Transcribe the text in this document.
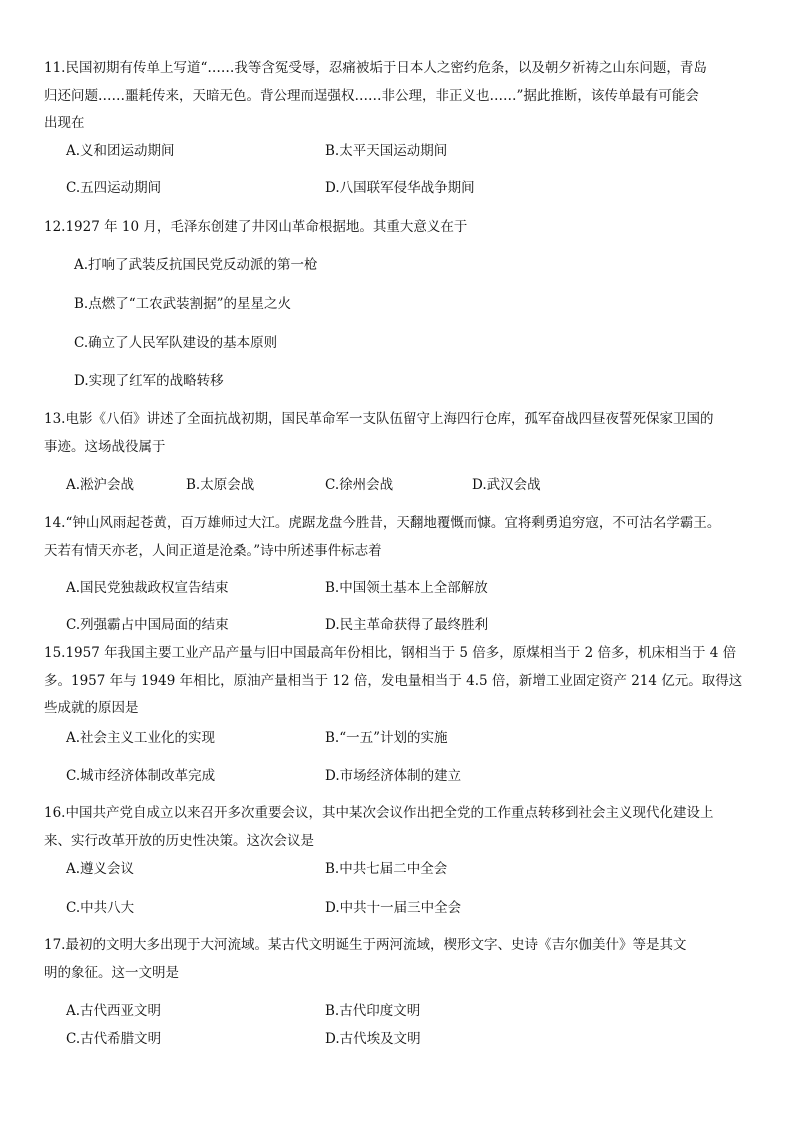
11.民国初期有传单上写道“……我等含冤受辱，忍痛被垢于日本人之密约危条，以及朝夕祈祷之山东问题，青岛
归还问题……噩耗传来，天暗无色。背公理而逞强权……非公理，非正义也……”据此推断，该传单最有可能会
出现在
A.义和团运动期间	B.太平天国运动期间
C.五四运动期间	D.八国联军侵华战争期间
12.1927 年 10 月，毛泽东创建了井冈山革命根据地。其重大意义在于
A.打响了武装反抗国民党反动派的第一枪
B.点燃了“工农武装割据”的星星之火
C.确立了人民军队建设的基本原则
D.实现了红军的战略转移
13.电影《八佰》讲述了全面抗战初期，国民革命军一支队伍留守上海四行仓库，孤军奋战四昼夜誓死保家卫国的
事迹。这场战役属于
A.淞沪会战	B.太原会战	C.徐州会战	D.武汉会战
14.“钟山风雨起苍黄，百万雄师过大江。虎踞龙盘今胜昔，天翻地覆慨而慷。宜将剩勇追穷寇，不可沽名学霸王。
天若有情天亦老，人间正道是沧桑。”诗中所述事件标志着
A.国民党独裁政权宣告结束	B.中国领土基本上全部解放
C.列强霸占中国局面的结束	D.民主革命获得了最终胜利
15.1957 年我国主要工业产品产量与旧中国最高年份相比，钢相当于 5 倍多，原煤相当于 2 倍多，机床相当于 4 倍
多。1957 年与 1949 年相比，原油产量相当于 12 倍，发电量相当于 4.5 倍，新增工业固定资产 214 亿元。取得这
些成就的原因是
A.社会主义工业化的实现	B.“一五”计划的实施
C.城市经济体制改革完成	D.市场经济体制的建立
16.中国共产党自成立以来召开多次重要会议，其中某次会议作出把全党的工作重点转移到社会主义现代化建设上
来、实行改革开放的历史性决策。这次会议是
A.遵义会议	B.中共七届二中全会
C.中共八大	D.中共十一届三中全会
17.最初的文明大多出现于大河流域。某古代文明诞生于两河流域，楔形文字、史诗《吉尔伽美什》等是其文
明的象征。这一文明是
A.古代西亚文明	B.古代印度文明
C.古代希腊文明	D.古代埃及文明
